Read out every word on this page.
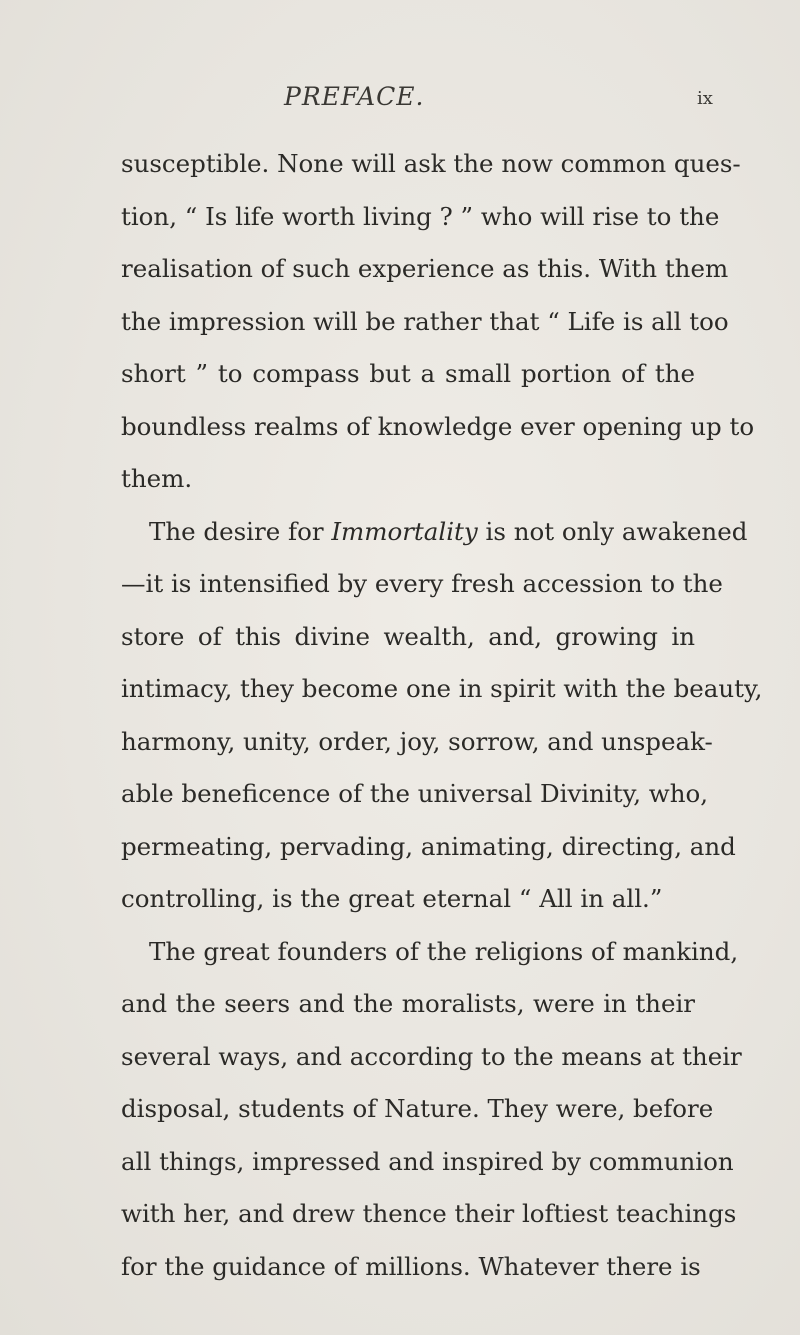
PREFACE.	ix
susceptible. None will ask the now common ques-
tion, “ Is life worth living ? ” who will rise to the
realisation of such experience as this. With them
the impression will be rather that “ Life is all too
short ” to compass but a small portion of the
boundless realms of knowledge ever opening up to
them.
The desire for Immortality is not only awakened
—it is intensified by every fresh accession to the
store of this divine wealth, and, growing in
intimacy, they become one in spirit with the beauty,
harmony, unity, order, joy, sorrow, and unspeak-
able beneficence of the universal Divinity, who,
permeating, pervading, animating, directing, and
controlling, is the great eternal “ All in all.”
The great founders of the religions of mankind,
and the seers and the moralists, were in their
several ways, and according to the means at their
disposal, students of Nature. They were, before
all things, impressed and inspired by communion
with her, and drew thence their loftiest teachings
for the guidance of millions. Whatever there is
